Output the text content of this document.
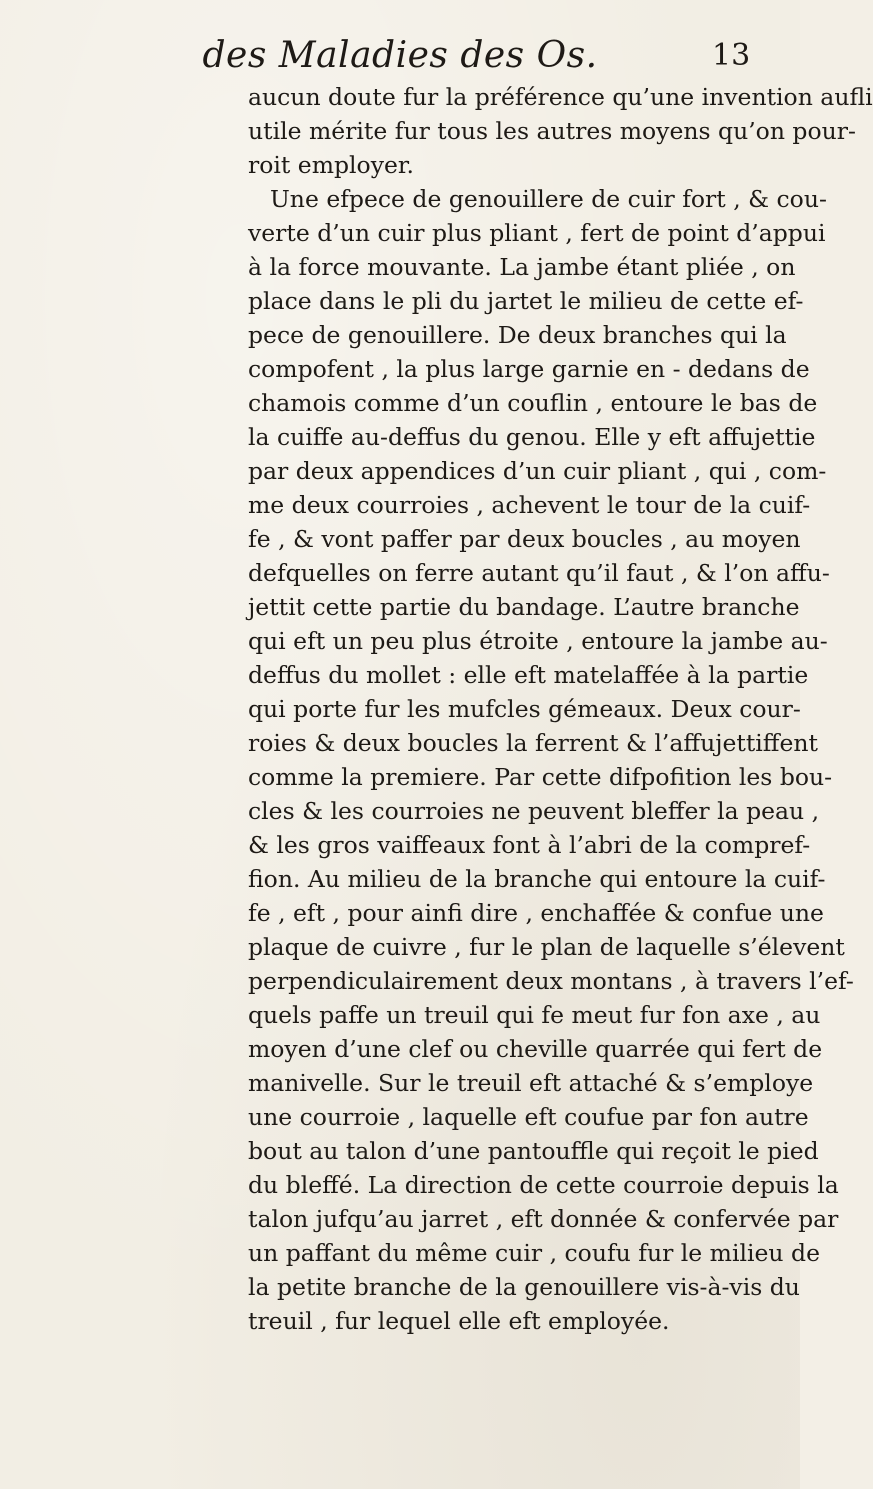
des Maladies des Os.	13
aucun doute fur la préférence qu’une invention aufli
utile mérite fur tous les autres moyens qu’on pour-
roit employer.
Une efpece de genouillere de cuir fort , & cou-
verte d’un cuir plus pliant , fert de point d’appui
à la force mouvante. La jambe étant pliée , on
place dans le pli du jartet le milieu de cette ef-
pece de genouillere. De deux branches qui la
compofent , la plus large garnie en - dedans de
chamois comme d’un couflin , entoure le bas de
la cuiffe au-deffus du genou. Elle y eft affujettie
par deux appendices d’un cuir pliant , qui , com-
me deux courroies , achevent le tour de la cuif-
fe , & vont paffer par deux boucles , au moyen
defquelles on ferre autant qu’il faut , & l’on affu-
jettit cette partie du bandage. L’autre branche
qui eft un peu plus étroite , entoure la jambe au-
deffus du mollet : elle eft matelaffée à la partie
qui porte fur les mufcles gémeaux. Deux cour-
roies & deux boucles la ferrent & l’affujettiffent
comme la premiere. Par cette difpofition les bou-
cles & les courroies ne peuvent bleffer la peau ,
& les gros vaiffeaux font à l’abri de la compref-
fion. Au milieu de la branche qui entoure la cuif-
fe , eft , pour ainfi dire , enchaffée & confue une
plaque de cuivre , fur le plan de laquelle s’élevent
perpendiculairement deux montans , à travers l’ef-
quels paffe un treuil qui fe meut fur fon axe , au
moyen d’une clef ou cheville quarrée qui fert de
manivelle. Sur le treuil eft attaché & s’employe
une courroie , laquelle eft coufue par fon autre
bout au talon d’une pantouffle qui reçoit le pied
du bleffé. La direction de cette courroie depuis la
talon jufqu’au jarret , eft donnée & confervée par
un paffant du même cuir , coufu fur le milieu de
la petite branche de la genouillere vis-à-vis du
treuil , fur lequel elle eft employée.
